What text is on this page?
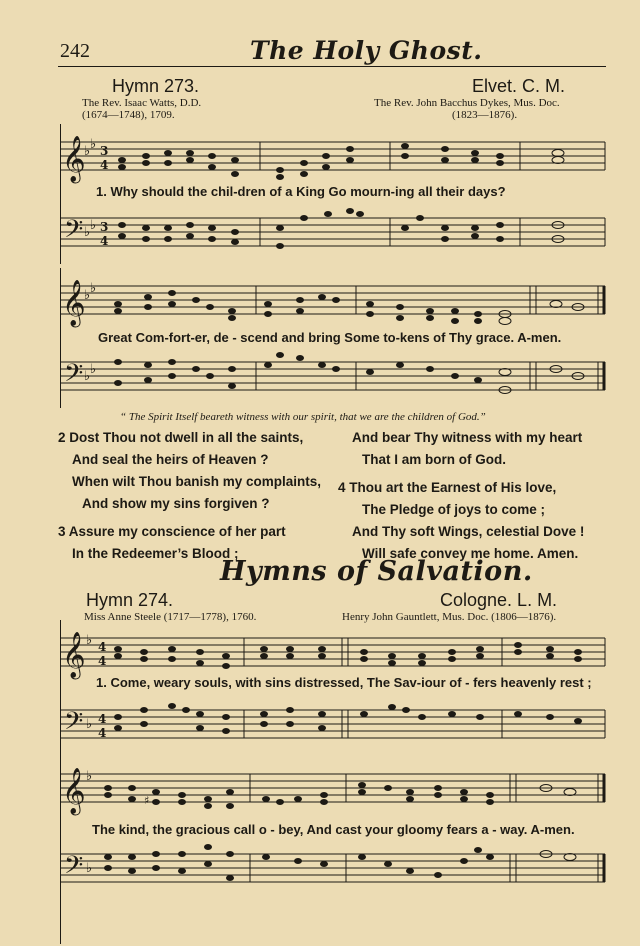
242	The Holy Ghost.
Hymn 273.	Elvet. C. M.
The Rev. Isaac Watts, D.D.
(1674—1748), 1709.
The Rev. John Bacchus Dykes, Mus. Doc.
(1823—1876).
𝄞
𝄢
♭ ♭
♭ ♭
3
4
3
4
1. Why should the chil-dren of a King Go mourn-ing all their days?
𝄞
𝄢
♭ ♭
♭ ♭
Great Com-fort-er, de - scend and bring Some to-kens of Thy grace. A-men.
“ The Spirit Itself beareth witness with our spirit, that we are the children of God.”
2 Dost Thou not dwell in all the saints,
And seal the heirs of Heaven ?
When wilt Thou banish my complaints,
And show my sins forgiven ?
3 Assure my conscience of her part
In the Redeemer’s Blood ;
And bear Thy witness with my heart
That I am born of God.
4 Thou art the Earnest of His love,
The Pledge of joys to come ;
And Thy soft Wings, celestial Dove !
Will safe convey me home. Amen.
Hymns of Salvation.
Hymn 274.	Cologne. L. M.
Miss Anne Steele (1717—1778), 1760.	Henry John Gauntlett, Mus. Doc. (1806—1876).
𝄞
𝄢
♭
♭
4
4
4
4
1. Come, weary souls, with sins distressed, The Sav-iour of - fers heavenly rest ;
𝄞
𝄢
♭
♭
♯
The kind, the gracious call o - bey, And cast your gloomy fears a - way. A-men.
